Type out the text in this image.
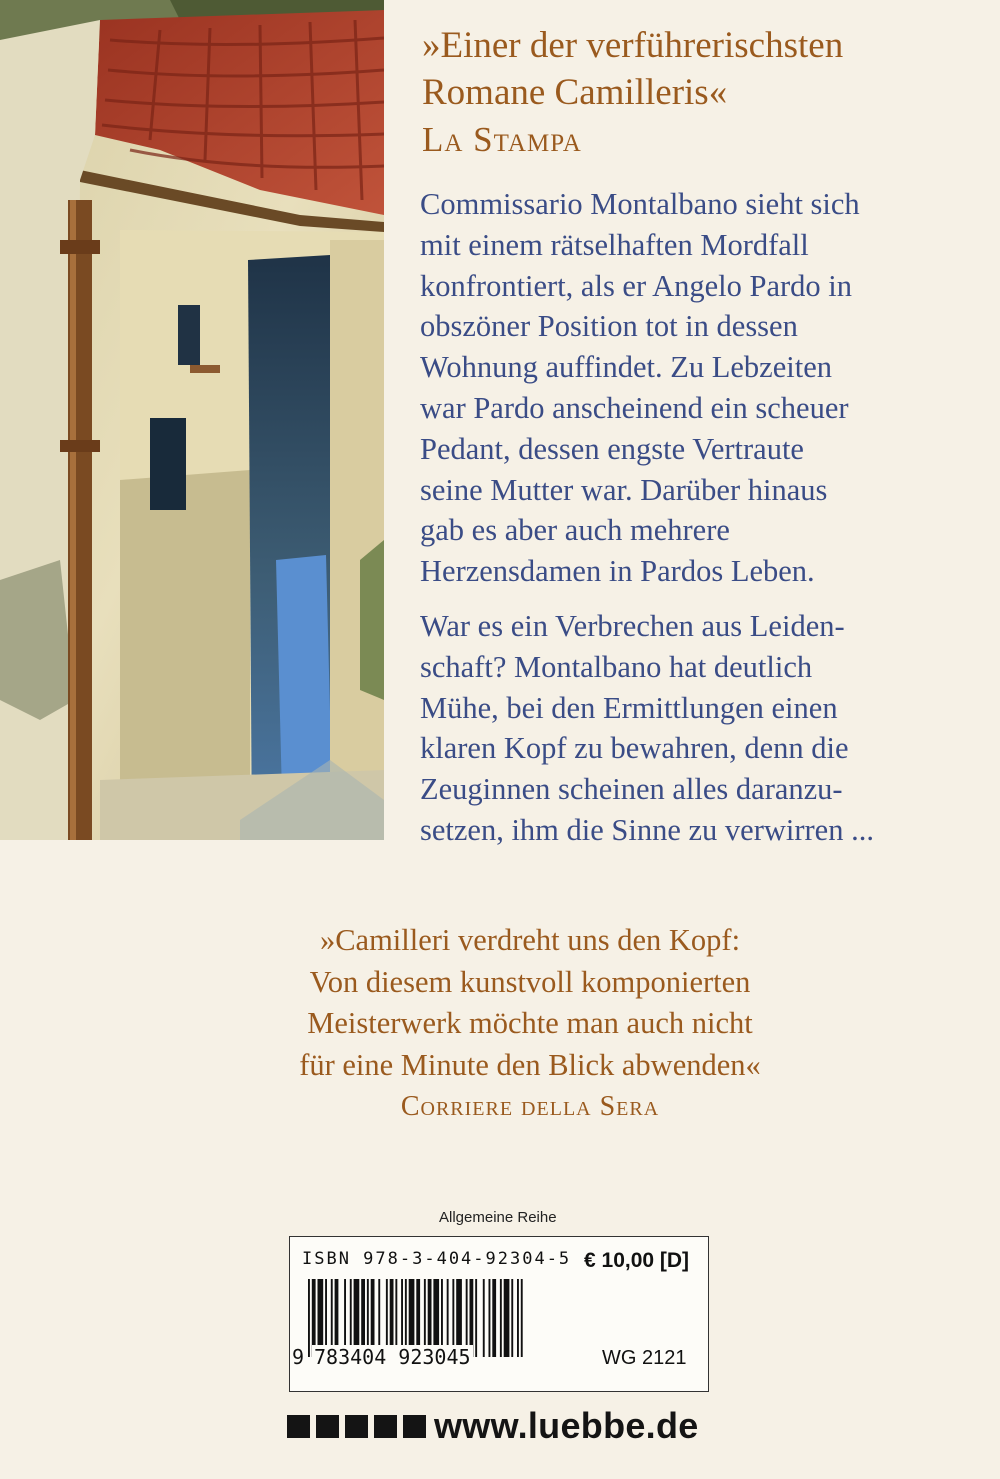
»Einer der verführerischsten
Romane Camilleris«
La Stampa

Commissario Montalbano sieht sich
mit einem rätselhaften Mordfall
konfrontiert, als er Angelo Pardo in
obszöner Position tot in dessen
Wohnung auffindet. Zu Lebzeiten
war Pardo anscheinend ein scheuer
Pedant, dessen engste Vertraute
seine Mutter war. Darüber hinaus
gab es aber auch mehrere
Herzensdamen in Pardos Leben.

War es ein Verbrechen aus Leiden-
schaft? Montalbano hat deutlich
Mühe, bei den Ermittlungen einen
klaren Kopf zu bewahren, denn die
Zeuginnen scheinen alles daranzu-
setzen, ihm die Sinne zu verwirren ...

»Camilleri verdreht uns den Kopf:
Von diesem kunstvoll komponierten
Meisterwerk möchte man auch nicht
für eine Minute den Blick abwenden«
Corriere della Sera
Allgemeine Reihe
ISBN 978-3-404-92304-5 € 10,00 [D]
9 783404 923045	WG 2121
www.luebbe.de
